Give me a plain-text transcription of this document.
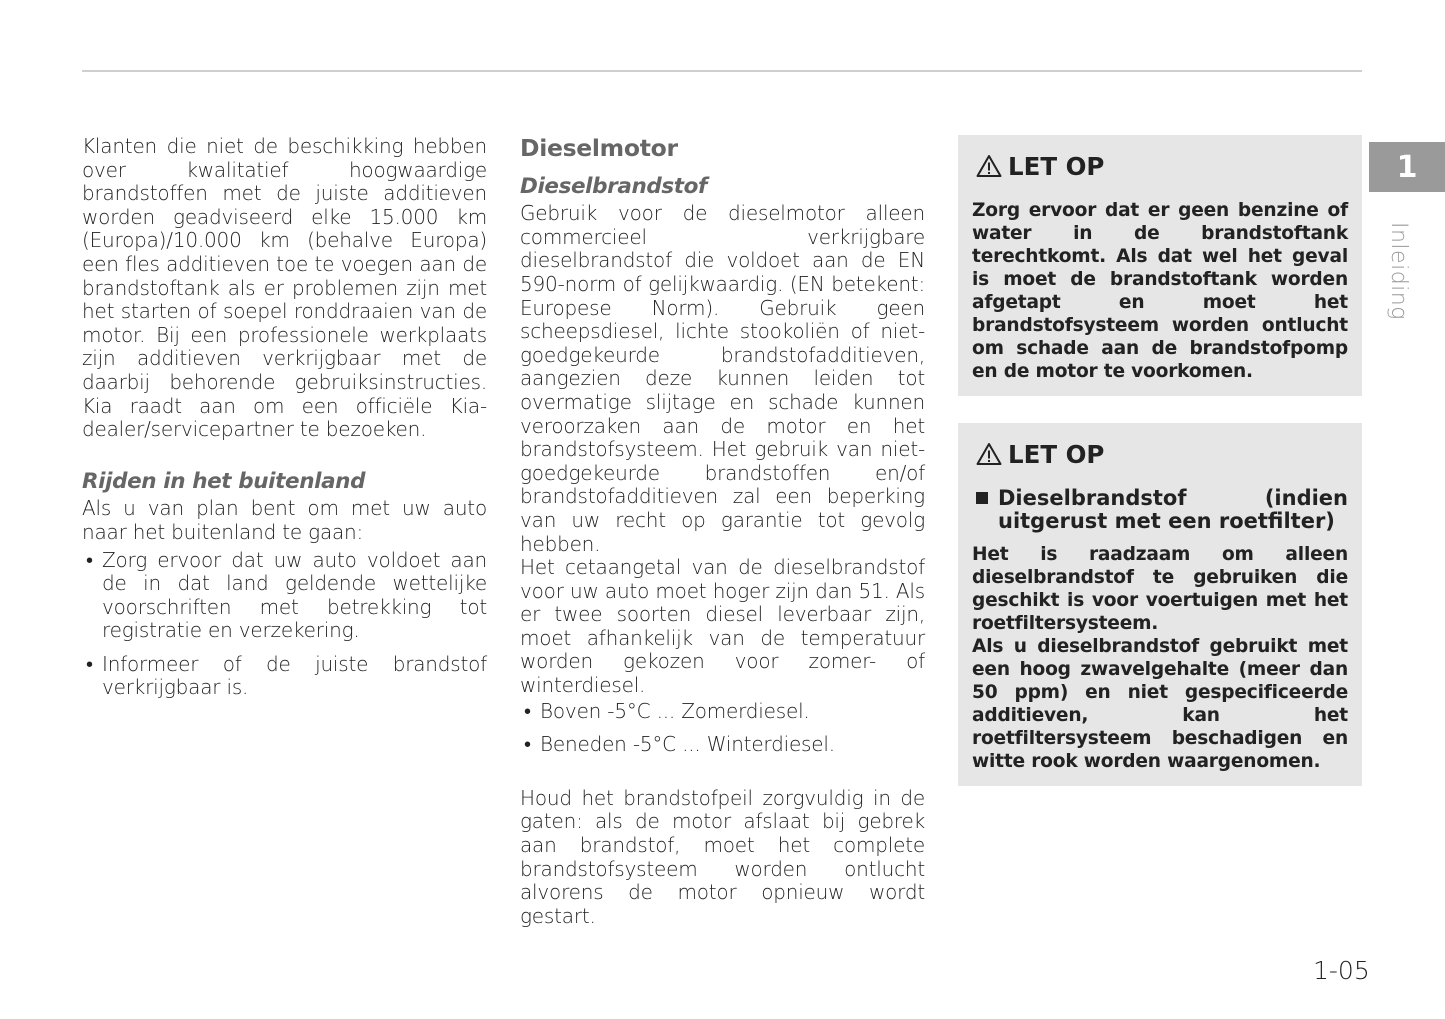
Klanten die niet de beschikking hebben over kwalitatief hoogwaardige brandstoffen met de juiste additieven worden geadviseerd elke 15.000 km (Europa)/10.000 km (behalve Europa) een fles additieven toe te voegen aan de brandstoftank als er problemen zijn met het starten of soepel ronddraaien van de motor. Bij een professionele werkplaats zijn additieven verkrijgbaar met de daarbij behorende gebruiksinstructies. Kia raadt aan om een officiële Kia-dealer/servicepartner te bezoeken.

Rijden in het buitenland

Als u van plan bent om met uw auto naar het buitenland te gaan:

• Zorg ervoor dat uw auto voldoet aan de in dat land geldende wettelijke voorschriften met betrekking tot registratie en verzekering.
• Informeer of de juiste brandstof verkrijgbaar is.
Dieselmotor
Dieselbrandstof

Gebruik voor de dieselmotor alleen commercieel verkrijgbare dieselbrandstof die voldoet aan de EN 590-norm of gelijkwaardig. (EN betekent: Europese Norm). Gebruik geen scheepsdiesel, lichte stookoliën of niet-goedgekeurde brandstofadditieven, aangezien deze kunnen leiden tot overmatige slijtage en schade kunnen veroorzaken aan de motor en het brandstofsysteem. Het gebruik van niet-goedgekeurde brandstoffen en/of brandstofadditieven zal een beperking van uw recht op garantie tot gevolg hebben.

Het cetaangetal van de dieselbrandstof voor uw auto moet hoger zijn dan 51. Als er twee soorten diesel leverbaar zijn, moet afhankelijk van de temperatuur worden gekozen voor zomer- of winterdiesel.

• Boven -5°C ... Zomerdiesel.
• Beneden -5°C ... Winterdiesel.

Houd het brandstofpeil zorgvuldig in de gaten: als de motor afslaat bij gebrek aan brandstof, moet het complete brandstofsysteem worden ontlucht alvorens de motor opnieuw wordt gestart.

LET OP

Zorg ervoor dat er geen benzine of water in de brandstoftank terechtkomt. Als dat wel het geval is moet de brandstoftank worden afgetapt en moet het brandstofsysteem worden ontlucht om schade aan de brandstofpomp en de motor te voorkomen.

LET OP
Dieselbrandstof (indien uitgerust met een roetfilter)

Het is raadzaam om alleen dieselbrandstof te gebruiken die geschikt is voor voertuigen met het roetfiltersysteem.

Als u dieselbrandstof gebruikt met een hoog zwavelgehalte (meer dan 50 ppm) en niet gespecificeerde additieven, kan het roetfiltersysteem beschadigen en witte rook worden waargenomen.

1
Inleiding
1-05
